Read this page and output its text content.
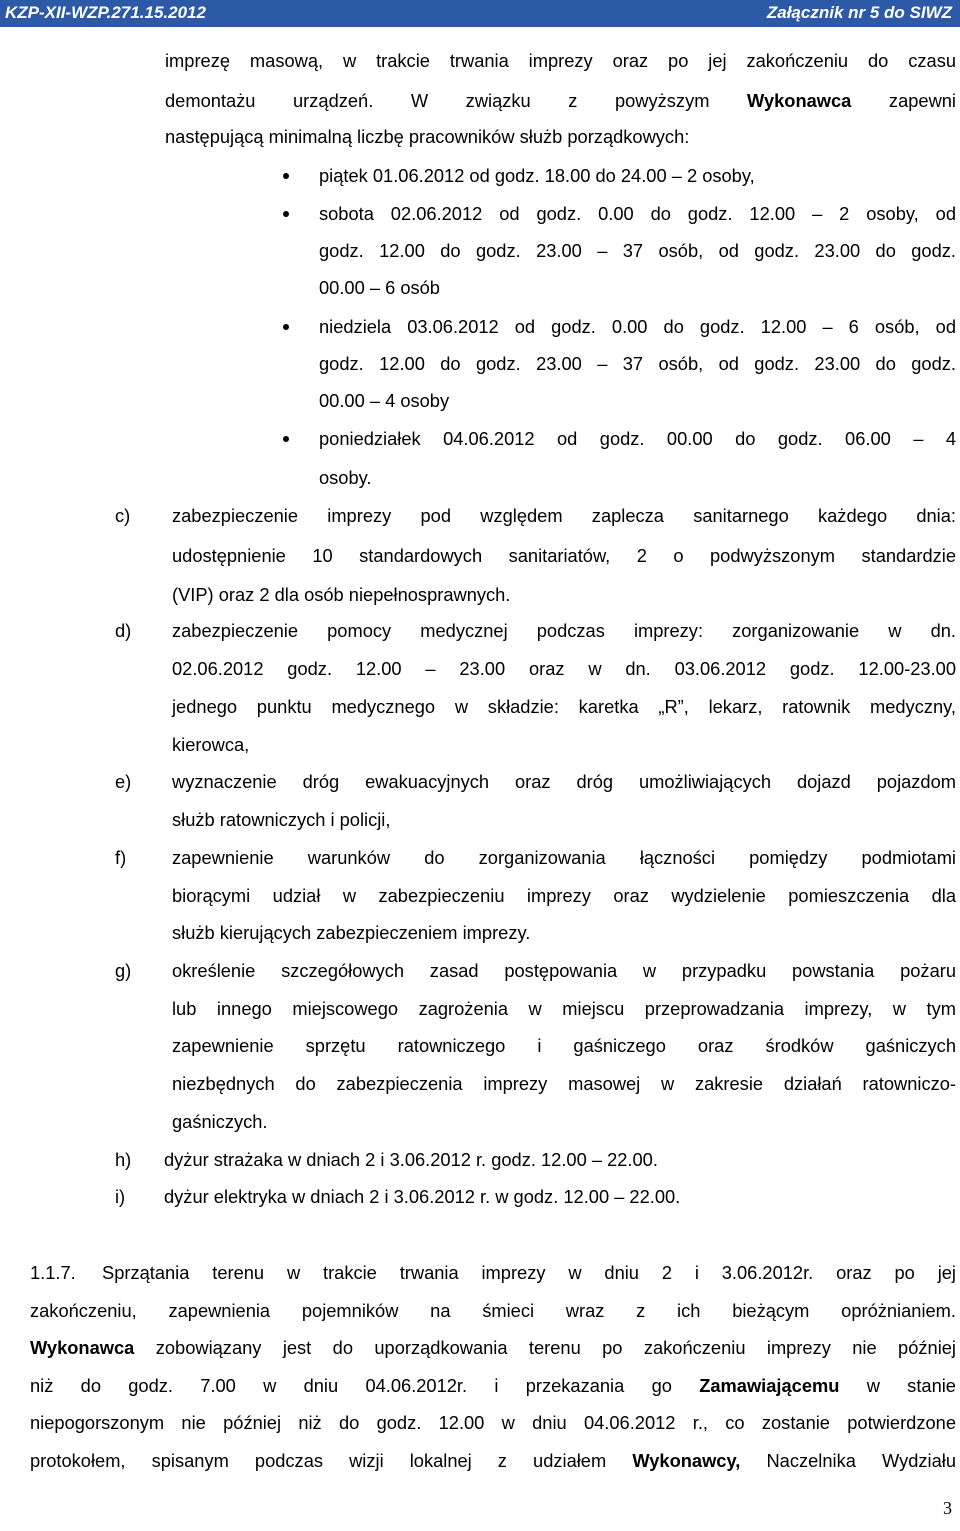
KZP-XII-WZP.271.15.2012	Załącznik nr 5 do SIWZ
imprezę masową, w trakcie trwania imprezy oraz po jej zakończeniu do czasu
demontażu urządzeń. W związku z powyższym Wykonawca zapewni
następującą minimalną liczbę pracowników służb porządkowych:
piątek 01.06.2012 od godz. 18.00 do 24.00 – 2 osoby,
sobota 02.06.2012 od godz. 0.00 do godz. 12.00 – 2 osoby, od
godz. 12.00 do godz. 23.00 – 37 osób, od godz. 23.00 do godz.
00.00 – 6 osób
niedziela 03.06.2012 od godz. 0.00 do godz. 12.00 – 6 osób, od
godz. 12.00 do godz. 23.00 – 37 osób, od godz. 23.00 do godz.
00.00 – 4 osoby
poniedziałek 04.06.2012 od godz. 00.00 do godz. 06.00 – 4
osoby.
c) zabezpieczenie imprezy pod względem zaplecza sanitarnego każdego dnia:
udostępnienie 10 standardowych sanitariatów, 2 o podwyższonym standardzie
(VIP) oraz 2 dla osób niepełnosprawnych.
d) zabezpieczenie pomocy medycznej podczas imprezy: zorganizowanie w dn.
02.06.2012 godz. 12.00 – 23.00 oraz w dn. 03.06.2012 godz. 12.00-23.00
jednego punktu medycznego w składzie: karetka „R”, lekarz, ratownik medyczny,
kierowca,
e) wyznaczenie dróg ewakuacyjnych oraz dróg umożliwiających dojazd pojazdom
służb ratowniczych i policji,
f)	zapewnienie warunków do zorganizowania łączności pomiędzy podmiotami
biorącymi udział w zabezpieczeniu imprezy oraz wydzielenie pomieszczenia dla
służb kierujących zabezpieczeniem imprezy.
g) określenie szczegółowych zasad postępowania w przypadku powstania pożaru
lub innego miejscowego zagrożenia w miejscu przeprowadzania imprezy, w tym
zapewnienie sprzętu ratowniczego i gaśniczego oraz środków gaśniczych
niezbędnych do zabezpieczenia imprezy masowej w zakresie działań ratowniczo-
gaśniczych.
h) dyżur strażaka w dniach 2 i 3.06.2012 r. godz. 12.00 – 22.00.
i) dyżur elektryka w dniach 2 i 3.06.2012 r. w godz. 12.00 – 22.00.
1.1.7. Sprzątania terenu w trakcie trwania imprezy w dniu 2 i 3.06.2012r. oraz po jej
zakończeniu, zapewnienia pojemników na śmieci wraz z ich bieżącym opróżnianiem.
Wykonawca zobowiązany jest do uporządkowania terenu po zakończeniu imprezy nie później
niż do godz. 7.00 w dniu 04.06.2012r. i przekazania go Zamawiającemu w stanie
niepogorszonym nie później niż do godz. 12.00 w dniu 04.06.2012 r., co zostanie potwierdzone
protokołem, spisanym podczas wizji lokalnej z udziałem Wykonawcy, Naczelnika Wydziału
3
